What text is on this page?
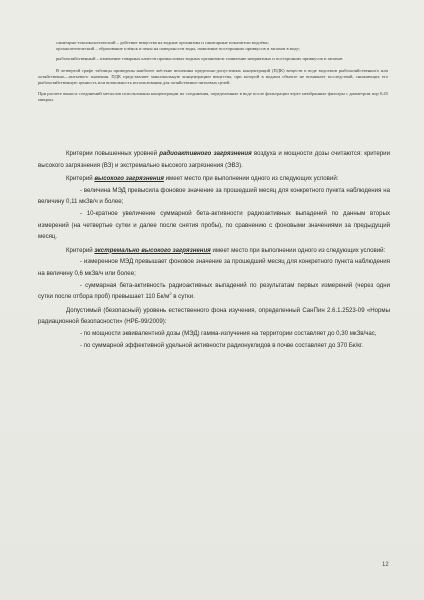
санитарно-токсикологический – действие вещества на водные организмы и санитарные показатели водоёма;

органолептический – образование плёнок и пены на поверхности воды, появление посторонних привкусов и запахов в воде;

рыбохозяйственный – изменение товарных качеств промысловых водных организмов: появление неприятных и посторонних привкусов и запахов

В четвертой графе таблицы приведены наиболее жёсткие величины предельно-допустимых концентраций (ПДК) веществ в воде водоемов рыбохозяйственного или хозяйственно—питьевого значения. ПДК представляет максимальную концентрацию вещества, при которой в водном объекте не возникает последствий, снижающих его рыбохозяйственную ценность или возможность использования для хозяйственно-питьевых целей.

При расчете выноса соединений металлов использованы концентрации их соединения, определенные в воде после фильтрации через мембранные фильтры с диаметром пор 0,45 микрон.

Критерии повышенных уровней радиоактивного загрязнения воздуха и мощности дозы считаются: критерии высокого загрязнения (ВЗ) и экстремально высокого загрязнения (ЭВЗ).

Критерий высокого загрязнения имеет место при выполнении одного из следующих условий:

- величина МЭД превысила фоновое значение за прошедший месяц для конкретного пункта наблюдения на величину 0,11 мкЗв/ч и более;

- 10-кратное увеличение суммарной бета-активности радиоактивных выпадений по данным вторых измерений (на четвертые сутки и далее после снятия пробы), по сравнению с фоновыми значениями за предыдущий месяц.

Критерий экстремально высокого загрязнения имеет место при выполнении одного из следующих условий:

- измеренное МЭД превышает фоновое значение за прошедший месяц для конкретного пункта наблюдения на величину 0,6 мкЗв/ч или более;

- суммарная бета-активность радиоактивных выпадений по результатам первых измерений (через одни сутки после отбора проб) превышает 110 $Бк/м^2$ в сутки.

Допустимый (безопасный) уровень естественного фона изучения, определенный СанПин 2.6.1.2523-09 «Нормы радиационной безопасности» (НРБ-99/2009):

- по мощности эквивалентной дозы (МЭД) гамма-излучения на территории составляет до 0,30 мкЗв/час,

- по суммарной эффективной удельной активности радионуклидов в почве составляет до 370 Бк/кг.

12
